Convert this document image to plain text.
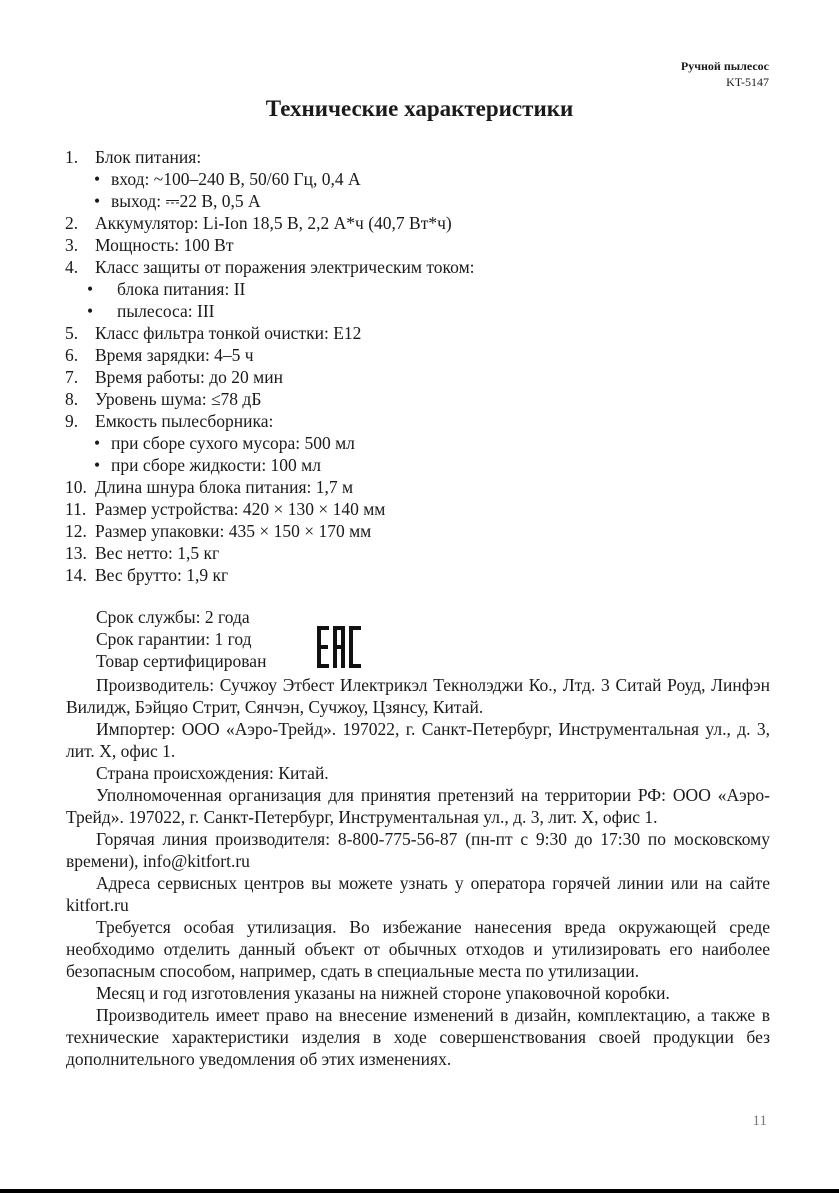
Ручной пылесос
KT-5147
Технические характеристики
1. Блок питания:
• вход: ~100–240 В, 50/60 Гц, 0,4 А
• выход: ⎓22 В, 0,5 А
2. Аккумулятор: Li-Ion 18,5 В, 2,2 А*ч (40,7 Вт*ч)
3. Мощность: 100 Вт
4. Класс защиты от поражения электрическим током:
•	блока питания: II
•	пылесоса: III
5. Класс фильтра тонкой очистки: E12
6. Время зарядки: 4–5 ч
7. Время работы: до 20 мин
8. Уровень шума: ≤78 дБ
9. Емкость пылесборника:
• при сборе сухого мусора: 500 мл
• при сборе жидкости: 100 мл
10. Длина шнура блока питания: 1,7 м
11. Размер устройства: 420 × 130 × 140 мм
12. Размер упаковки: 435 × 150 × 170 мм
13. Вес нетто: 1,5 кг
14. Вес брутто: 1,9 кг
Срок службы: 2 года
Срок гарантии: 1 год
Товар сертифицирован

Производитель: Сучжоу Этбест Илектрикэл Текнолэджи Ко., Лтд. 3 Ситай Роуд, Линфэн Вилидж, Бэйцяо Стрит, Сянчэн, Сучжоу, Цзянсу, Китай.

Импортер: ООО «Аэро-Трейд». 197022, г. Санкт-Петербург, Инструментальная ул., д. 3, лит. Х, офис 1.

Страна происхождения: Китай.

Уполномоченная организация для принятия претензий на территории РФ: ООО «Аэро-Трейд». 197022, г. Санкт-Петербург, Инструментальная ул., д. 3, лит. Х, офис 1.

Горячая линия производителя: 8-800-775-56-87 (пн-пт с 9:30 до 17:30 по московскому времени), info@kitfort.ru

Адреса сервисных центров вы можете узнать у оператора горячей линии или на сайте kitfort.ru

Требуется особая утилизация. Во избежание нанесения вреда окружающей среде необходимо отделить данный объект от обычных отходов и утилизировать его наиболее безопасным способом, например, сдать в специальные места по утилизации.

Месяц и год изготовления указаны на нижней стороне упаковочной коробки.

Производитель имеет право на внесение изменений в дизайн, комплектацию, а также в технические характеристики изделия в ходе совершенствования своей продукции без дополнительного уведомления об этих изменениях.

11
